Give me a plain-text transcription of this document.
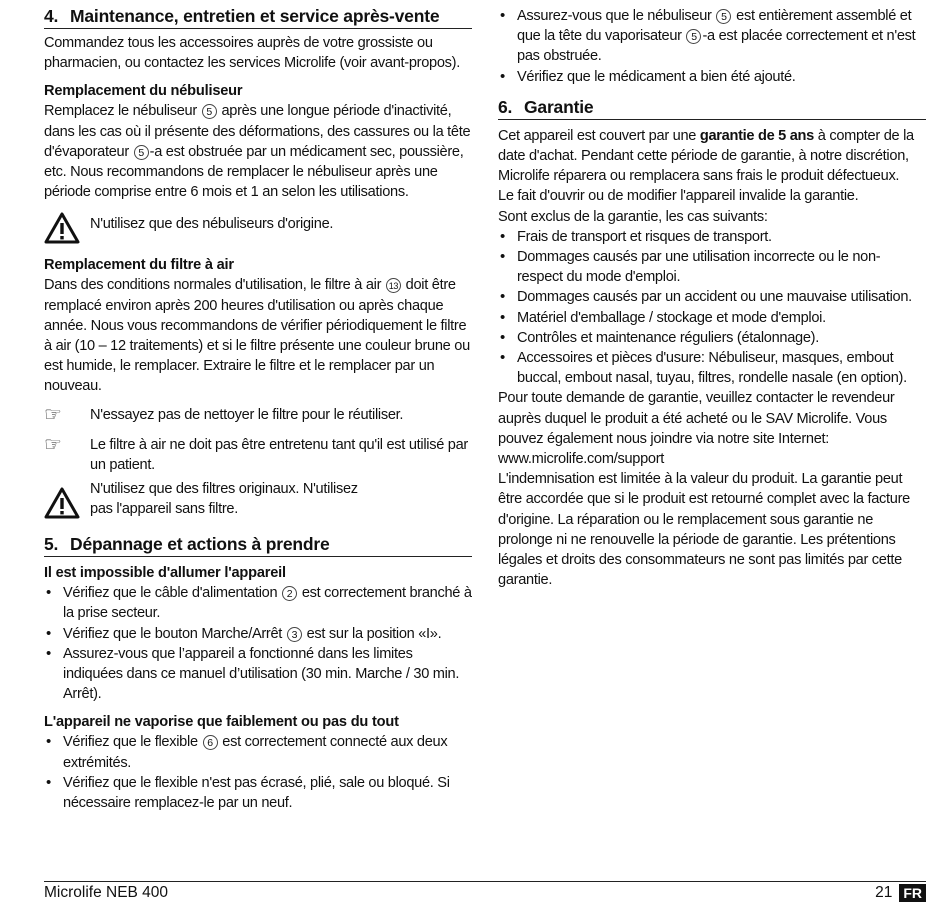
4. Maintenance, entretien et service après-vente

Commandez tous les accessoires auprès de votre grossiste ou pharmacien, ou contactez les services Microlife (voir avant-propos).

Remplacement du nébuliseur

Remplacez le nébuliseur 5 après une longue période d'inactivité, dans les cas où il présente des déformations, des cassures ou la tête d'évaporateur 5 -a est obstruée par un médicament sec, poussière, etc. Nous recommandons de remplacer le nébuliseur après une période comprise entre 6 mois et 1 an selon les utilisations.

N'utilisez que des nébuliseurs d'origine.

Remplacement du filtre à air

Dans des conditions normales d'utilisation, le filtre à air 13 doit être remplacé environ après 200 heures d'utilisation ou après chaque année. Nous vous recommandons de vérifier périodiquement le filtre à air (10 – 12 traitements) et si le filtre présente une couleur brune ou est humide, le remplacer. Extraire le filtre et le remplacer par un nouveau.

☞	N'essayez pas de nettoyer le filtre pour le réutiliser.
☞	Le filtre à air ne doit pas être entretenu tant qu'il est utilisé par un patient.
N'utilisez que des filtres originaux. N'utilisez pas l'appareil sans filtre.
5. Dépannage et actions à prendre

Il est impossible d'allumer l'appareil

• Vérifiez que le câble d'alimentation 2 est correctement branché à la prise secteur.
• Vérifiez que le bouton Marche/Arrêt 3 est sur la position «I».
• Assurez-vous que l’appareil a fonctionné dans les limites indiquées dans ce manuel d’utilisation (30 min. Marche / 30 min. Arrêt).

L'appareil ne vaporise que faiblement ou pas du tout

• Vérifiez que le flexible 6 est correctement connecté aux deux extrémités.
• Vérifiez que le flexible n'est pas écrasé, plié, sale ou bloqué. Si nécessaire remplacez-le par un neuf.
• Assurez-vous que le nébuliseur 5 est entièrement assemblé et que la tête du vaporisateur 5 -a est placée correctement et n'est pas obstruée.
• Vérifiez que le médicament a bien été ajouté.
6. Garantie

Cet appareil est couvert par une garantie de 5 ans à compter de la date d'achat. Pendant cette période de garantie, à notre discrétion, Microlife réparera ou remplacera sans frais le produit défectueux.

Le fait d'ouvrir ou de modifier l'appareil invalide la garantie.

Sont exclus de la garantie, les cas suivants:

• Frais de transport et risques de transport.
• Dommages causés par une utilisation incorrecte ou le non-respect du mode d'emploi.
• Dommages causés par un accident ou une mauvaise utilisation.
• Matériel d'emballage / stockage et mode d'emploi.
• Contrôles et maintenance réguliers (étalonnage).
• Accessoires et pièces d'usure: Nébuliseur, masques, embout buccal, embout nasal, tuyau, filtres, rondelle nasale (en option).

Pour toute demande de garantie, veuillez contacter le revendeur auprès duquel le produit a été acheté ou le SAV Microlife. Vous pouvez également nous joindre via notre site Internet:

www.microlife.com/support

L'indemnisation est limitée à la valeur du produit. La garantie peut être accordée que si le produit est retourné complet avec la facture d'origine. La réparation ou le remplacement sous garantie ne prolonge ni ne renouvelle la période de garantie. Les prétentions légales et droits des consommateurs ne sont pas limités par cette garantie.

Microlife NEB 400	21 FR
